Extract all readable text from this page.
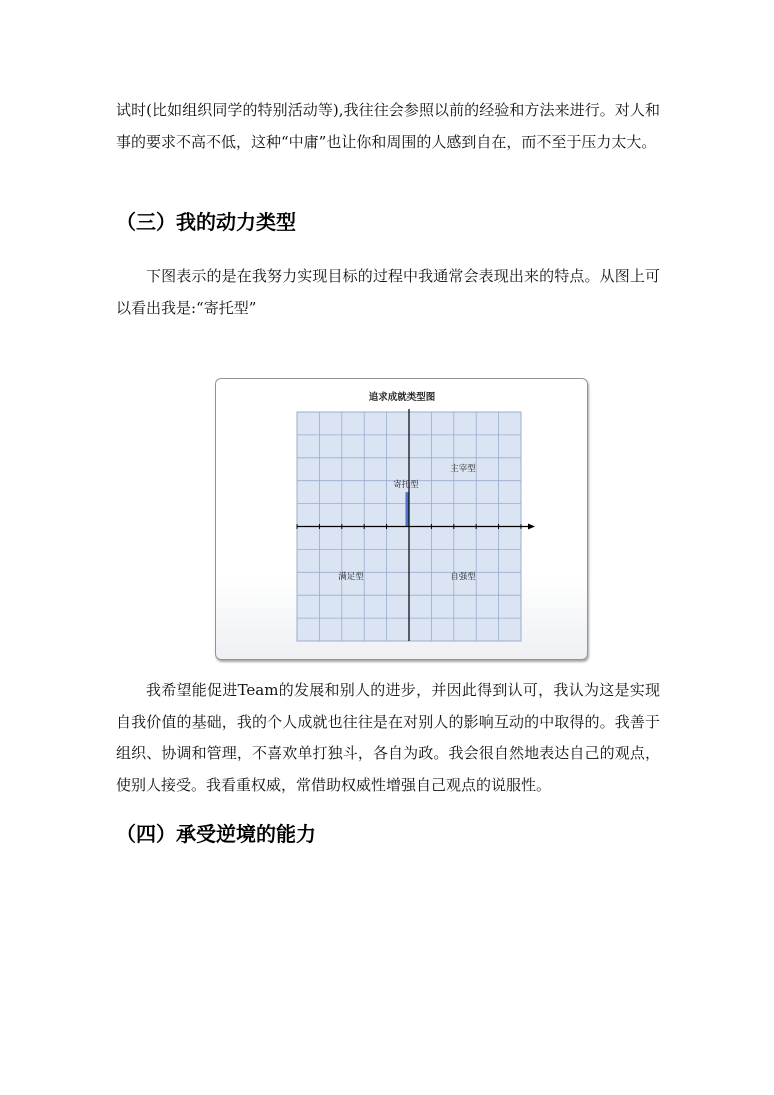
试时(比如组织同学的特别活动等),我往往会参照以前的经验和方法来进行。对人和事的要求不高不低，这种“中庸”也让你和周围的人感到自在，而不至于压力太大。

（三）我的动力类型

下图表示的是在我努力实现目标的过程中我通常会表现出来的特点。从图上可以看出我是:“寄托型”

追求成就类型图
主宰型
寄托型
满足型	自强型

我希望能促进Team的发展和别人的进步，并因此得到认可，我认为这是实现自我价值的基础，我的个人成就也往往是在对别人的影响互动的中取得的。我善于组织、协调和管理，不喜欢单打独斗，各自为政。我会很自然地表达自己的观点，使别人接受。我看重权威，常借助权威性增强自己观点的说服性。

（四）承受逆境的能力
